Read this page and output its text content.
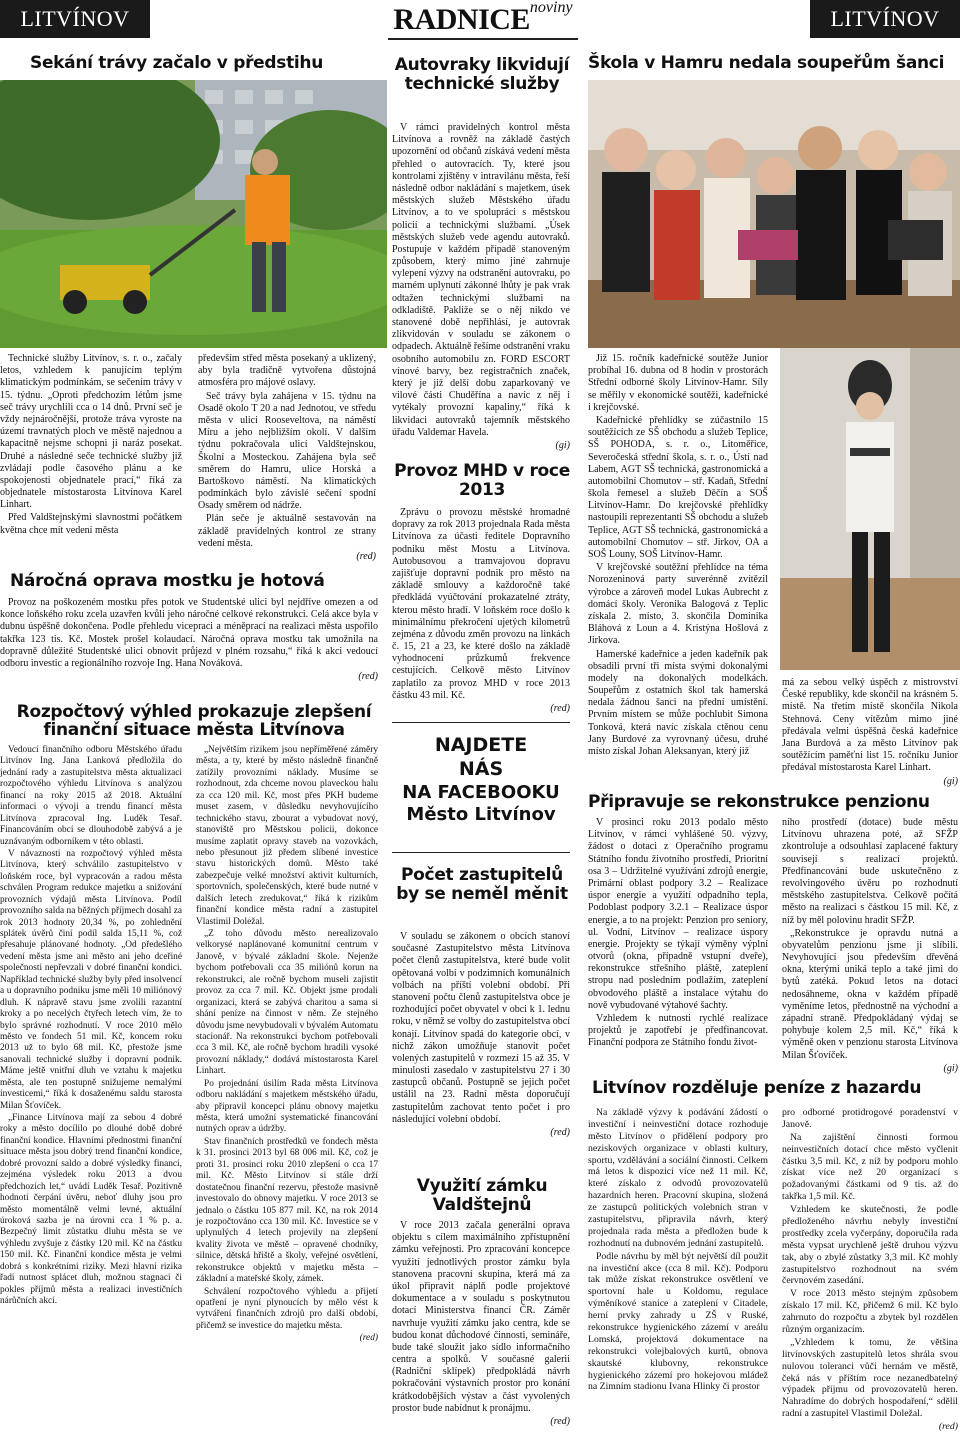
LITVÍNOV	RADNICEnoviny	LITVÍNOV
Sekání trávy začalo v předstihu

Technické služby Litvínov, s. r. o., začaly letos, vzhledem k panujícím teplým klimatickým podmínkám, se sečením trávy v 15. týdnu. „Oproti předchozím létům jsme seč trávy urychlili cca o 14 dnů. První seč je vždy nejnáročnější, protože tráva vyroste na území travnatých ploch ve městě najednou a kapacitně nejsme schopni ji naráz posekat. Druhé a následné seče technické služby již zvládají podle časového plánu a ke spokojenosti objednatele prací,“ říká za objednatele místostarosta Litvínova Karel Linhart.

Před Valdštejnskými slavnostmi počátkem května chce mít vedení města

především střed města posekaný a uklizený, aby byla tradičně vytvořena důstojná atmosféra pro májové oslavy.

Seč trávy byla zahájena v 15. týdnu na Osadě okolo T 20 a nad Jednotou, ve středu města v ulici Rooseveltova, na náměstí Míru a jeho nejbližším okolí. V dalším týdnu pokračovala ulicí Valdštejnskou, Školní a Mosteckou. Zahájena byla seč směrem do Hamru, ulice Horská a Bartoškovo náměstí. Na klimatických podmínkách bylo závislé sečení spodní Osady směrem od nádrže.

Plán seče je aktuálně sestavován na základě pravidelných kontrol ze strany vedení města.

(red)
Náročná oprava mostku je hotová

Provoz na poškozeném mostku přes potok ve Studentské ulici byl nejdříve omezen a od konce loňského roku zcela uzavřen kvůli jeho náročné celkové rekonstrukci. Celá akce byla v dubnu úspěšně dokončena. Podle přehledu vicepraci a méněprací na realizaci města uspořilo takřka 123 tis. Kč. Mostek prošel kolaudací. Náročná oprava mostku tak umožnila na dopravně důležité Studentské ulici obnovit průjezd v plném rozsahu,“ říká k akci vedoucí odboru investic a regionálního rozvoje Ing. Hana Nováková.

(red)
Rozpočtový výhled prokazuje zlepšení finanční situace města Litvínova

Vedoucí finančního odboru Městského úřadu Litvínov Ing. Jana Lanková předložila do jednání rady a zastupitelstva města aktualizaci rozpočtového výhledu Litvínova s analýzou financí na roky 2015 až 2018. Aktuální informaci o vývoji a trendu financí města Litvínova zpracoval Ing. Luděk Tesař. Financováním obcí se dlouhodobě zabývá a je uznávaným odborníkem v této oblasti.

V návaznosti na rozpočtový výhled města Litvínova, který schválilo zastupitelstvo v loňském roce, byl vypracován a radou města schválen Program redukce majetku a snižování provozních výdajů města Litvínova. Podíl provozního salda na běžných příjmech dosahl za rok 2013 hodnoty 20,34 %, po zohlednění splátek úvěrů činí podíl salda 15,11 %, což přesahuje plánované hodnoty. „Od předešlého vedení města jsme ani město ani jeho dceřiné společnosti nepřevzali v dobré finanční kondici. Například technické služby byly před insolvencí a u dopravního podniku jsme měli 10 miliónový dluh. K nápravě stavu jsme zvolili razantní kroky a po necelých čtyřech letech vím, že to bylo správné rozhodnutí. V roce 2010 mělo město ve fondech 51 mil. Kč, koncem roku 2013 už to bylo 68 mil. Kč, přestože jsme sanovali technické služby i dopravní podnik. Máme ještě vnitřní dluh ve vztahu k majetku města, ale ten postupně snižujeme nemalými investicemi,“ říká k dosaženému saldu starosta Milan Šťovíček.

„Finance Litvínova mají za sebou 4 dobré roky a město docílilo po dlouhé době dobré finanční kondice. Hlavními přednostmi finanční situace města jsou dobrý trend finanční kondice, dobré provozní saldo a dobré výsledky financí, zejména výsledek roku 2013 a dvou předchozích let,“ uvádí Luděk Tesař. Pozitivně hodnotí čerpání úvěru, neboť dluhy jsou pro město momentálně velmi levné, aktuální úroková sazba je na úrovni cca 1 % p. a. Bezpečný limit zůstatku dluhu města se ve výhledu zvyšuje z částky 120 mil. Kč na částku 150 mil. Kč. Finanční kondice města je velmi dobrá s konkrétními riziky. Mezi hlavní rizika řadí nutnost splácet dluh, možnou stagnaci či pokles příjmů města a realizaci investičních nárůčních akcí.

„Největším rizikem jsou nepříměřené záměry města, a ty, které by město následně finančně zatížily provozními náklady. Musíme se rozhodnout, zda chceme novou plaveckou halu za cca 120 mil. Kč, most přes PKH budeme muset zasem, v důsledku nevyhovujícího technického stavu, zbourat a vybudovat nový, stanoviště pro Městskou policii, dokonce musíme zaplatit opravy staveb na vozovkách, nebo přesunout již předem slíbené investice stavu historických domů. Město také zabezpečuje velké množství aktivit kulturních, sportovních, společenských, které bude nutné v dalších letech zredukovat,“ říká k rizikům finanční kondice města radní a zastupitel Vlastimil Doležal.

„Z toho důvodu město nerealizovalo velkorysé naplánované komunitní centrum v Janově, v bývalé základní škole. Nejenže bychom potřebovali cca 35 miliónů korun na rekonstrukci, ale ročně bychom museli zajistit provoz za cca 7 mil. Kč. Objekt jsme prodali organizaci, která se zabývá charitou a sama si shání peníze na činnost v něm. Ze stejného důvodu jsme nevybudovali v bývalém Automatu stacionář. Na rekonstrukci bychom potřebovali cca 3 mil. Kč, ale ročně bychom hradili vysoké provozní náklady,“ dodává místostarosta Karel Linhart.

Po projednání úsilím Rada města Litvínova odboru nakládání s majetkem městského úřadu, aby připravil koncepci plánu obnovy majetku města, která umožní systematické financování nutných oprav a údržby.

Stav finančních prostředků ve fondech města k 31. prosinci 2013 byl 68 006 mil. Kč, což je proti 31. prosinci roku 2010 zlepšení o cca 17 mil. Kč. Město Litvínov si stále drží dostatečnou finanční rezervu, přestože masivně investovalo do obnovy majetku. V roce 2013 se jednalo o částku 105 877 mil. Kč, na rok 2014 je rozpočtováno cca 130 mil. Kč. Investice se v uplynulých 4 letech projevily na zlepšení kvality života ve městě – opravené chodníky, silnice, dětská hřiště a školy, veřejné osvětlení, rekonstrukce objektů v majetku města – základní a mateřské školy, zámek.

Schválení rozpočtového výhledu a přijetí opatření je nyní plynoucích by mělo vést k vytváření finančních zdrojů pro další období, přičemž se investice do majetku města.

(red)
Autovraky likvidují technické služby

V rámci pravidelných kontrol města Litvínova a rovněž na základě častých upozornění od občanů získává vedení města přehled o autovracích. Ty, které jsou kontrolami zjištěny v intravilánu města, řeší následně odbor nakládání s majetkem, úsek městských služeb Městského úřadu Litvínov, a to ve spolupráci s městskou policií a technickými službami. „Úsek městských služeb vede agendu autovraků. Postupuje v každém případě stanoveným způsobem, který mimo jiné zahrnuje vylepení výzvy na odstranění autovraku, po marném uplynutí zákonné lhůty je pak vrak odtažen technickými službami na odkladiště. Pakliže se o něj nikdo ve stanovené době nepřihlásí, je autovrak zlikvidován v souladu se zákonem o odpadech. Aktuálně řešíme odstranění vraku osobního automobilu zn. FORD ESCORT vínové barvy, bez registračních značek, který je již delší dobu zaparkovaný ve vilové části Chuděřína a navíc z něj i vytékaly provozní kapaliny,“ říká k likvidaci autovraků tajemník městského úřadu Valdemar Havela.

(gi)
Provoz MHD v roce 2013

Zprávu o provozu městské hromadné dopravy za rok 2013 projednala Rada města Litvínova za účasti ředitele Dopravního podniku měst Mostu a Litvínova. Autobusovou a tramvajovou dopravu zajišťuje dopravní podnik pro město na základě smlouvy a každoročně také předkládá vyúčtování prokazatelné ztráty, kterou město hradí. V loňském roce došlo k minimálnímu překročení ujetých kilometrů zejména z důvodu změn provozu na linkách č. 15, 21 a 23, ke které došlo na základě vyhodnocení průzkumů frekvence cestujících. Celkově město Litvínov zaplatilo za provoz MHD v roce 2013 částku 43 mil. Kč.

(red)
NAJDETE
NÁS
NA FACEBOOKU
Město Litvínov
Počet zastupitelů by se neměl měnit

V souladu se zákonem o obcích stanoví současné Zastupitelstvo města Litvínova počet členů zastupitelstva, které bude volit opětovaná volbí v podzimních komunálních volbách na příští volební období. Při stanovení počtu členů zastupitelstva obce je rozhodující počet obyvatel v obci k 1. lednu roku, v němž se volby do zastupitelstva obcí konají. Litvínov spadá do kategorie obcí, v nichž zákon umožňuje stanovit počet volených zastupitelů v rozmezí 15 až 35. V minulosti zasedalo v zastupitelstvu 27 i 30 zastupců občanů. Postupně se jejich počet ustálil na 23. Radní města doporučují zastupitelům zachovat tento počet i pro následující volební období.

(red)
Využití zámku Valdštejnů

V roce 2013 začala generální oprava objektu s cílem maximálního zpřístupnění zámku veřejnosti. Pro zpracování koncepce využití jednotlivých prostor zámku byla stanovena pracovní skupina, která má za úkol připravit náplň podle projektové dokumentace a v souladu s poskytnutou dotací Ministerstva financí ČR. Záměr navrhuje využití zámku jako centra, kde se budou konat důchodové činnosti, semináře, bude také sloužit jako sídlo informačního centra a spolků. V současné galerii (Radniční sklípek) předpokládá návrh pokračování výstavních prostor pro konání krátkodobějších výstav a část vyvolených prostor bude nabídnut k pronájmu.

(red)
Škola v Hamru nedala soupeřům šanci

Již 15. ročník kadeřnické soutěže Junior probíhal 16. dubna od 8 hodin v prostorách Střední odborné školy Litvínov-Hamr. Síly se měřily v ekonomické soutěži, kadeřnické i krejčovské.

Kadeřnické přehlídky se zúčastnilo 15 soutěžících ze SŠ obchodu a služeb Teplice, SŠ POHODA, s. r. o., Litoměřice, Severočeská střední škola, s. r. o., Ústí nad Labem, AGT SŠ technická, gastronomická a automobilní Chomutov – stř. Kadaň, Střední škola řemesel a služeb Děčín a SOŠ Litvínov-Hamr. Do krejčovské přehlídky nastoupili reprezentanti SŠ obchodu a služeb Teplice, AGT SŠ technická, gastronomická a automobilní Chomutov – stř. Jirkov, OA a SOŠ Louny, SOŠ Litvínov-Hamr.

V krejčovské soutěžní přehlídce na téma Norozeninová party suverénně zvítězil výrobce a zároveň model Lukas Aubrecht z domácí školy. Veronika Balogová z Teplic získala 2. místo, 3. skončila Dominika Bláhová z Loun a 4. Kristýna Hošlová z Jirkova.

Hamerské kadeřnice a jeden kadeřník pak obsadili první tři místa svými dokonalými modely na dokonalých modelkách. Soupeřům z ostatních škol tak hamerská nedala žádnou šanci na přední umístění. Prvním místem se může pochlubit Simona Tonková, která navíc získala ctěnou cenu Jany Burdové za vyrovnaný účesu, druhé místo získal Johan Aleksanyan, který již

má za sebou velký úspěch z mistrovství České republiky, kde skončil na krásném 5. místě. Na třetím místě skončila Nikola Stehnová. Ceny vítězům mimo jiné předávala velmi úspěšná česká kadeřnice Jana Burdová a za město Litvínov pak soutěžícím paměťní list 15. ročníku Junior předával místostarosta Karel Linhart.

(gi)
Připravuje se rekonstrukce penzionu

V prosinci roku 2013 podalo město Litvínov, v rámci vyhlášené 50. výzvy, žádost o dotaci z Operačního programu Státního fondu životního prostředí, Prioritní osa 3 – Udržitelné využívání zdrojů energie, Primární oblast podpory 3.2 – Realizace úspor energie a využití odpadního tepla, Podoblast podpory 3.2.1 – Realizace úspor energie, a to na projekt: Penzion pro seniory, ul. Vodní, Litvínov – realizace úspory energie. Projekty se týkají výměny výplní otvorů (okna, případně vstupní dveře), rekonstrukce střešního pláště, zateplení stropu nad posledním podlažím, zateplení obvodového pláště a instalace výtahu do nově vybudované výtahové šachty.

Vzhledem k nutnosti rychlé realizace projektů je zapotřebí je předfinancovat. Finanční podpora ze Státního fondu život-

ního prostředí (dotace) bude městu Litvínovu uhrazena poté, až SFŽP zkontroluje a odsouhlasí zaplacené faktury souvisejí s realizací projektů. Předfinancování bude uskutečněno z revolvingového úvěru po rozhodnutí městského zastupitelstva. Celkově počítá město na realizaci s částkou 15 mil. Kč, z níž by měl polovinu hradit SFŽP.

„Rekonstrukce je opravdu nutná a obyvatelům penzionu jsme ji slíbili. Nevyhovující jsou především dřevěná okna, kterými uniká teplo a také jimi do bytů zatéká. Pokud letos na dotaci nedosáhneme, okna v každém případě vyměníme letos, přednostně na východní a západní straně. Předpokládaný výdaj se pohybuje kolem 2,5 mil. Kč,“ říká k výměně oken v penzionu starosta Litvínova Milan Šťovíček.

(gi)
Litvínov rozděluje peníze z hazardu

Na základě výzvy k podávání žádostí o investiční i neinvestiční dotace rozhoduje město Litvínov o přidělení podpory pro neziskových organizace v oblasti kultury, sportu, vzdělávání a sociální činnosti. Celkem má letos k dispozici více než 11 mil. Kč, které získalo z odvodů provozovatelů hazardních heren. Pracovní skupina, složená ze zastupců politických volebních stran v zastupitelstvu, připravila návrh, který projednala rada města a předložen bude k rozhodnutí na dubnovém jednání zastupitelů.

Podle návrhu by měl být největší díl použit na investiční akce (cca 8 mil. Kč). Podporu tak může získat rekonstrukce osvětlení ve sportovní hale u Koldomu, regulace výměníkové stanice a zateplení v Citadele, herní prvky zahrady u ZŠ v Ruské, rekonstrukce hygienického zázemí v areálu Lomská, projektová dokumentace na rekonstrukci volejbalových kurtů, obnova skautské klubovny, rekonstrukce hygienického zázemí pro hokejovou mládež na Zimním stadionu Ivana Hlinky či prostor

pro odborné protidrogové poradenství v Janově.

Na zajištění činnosti formou neinvestičních dotací chce město vyčlenit částku 3,5 mil. Kč, z níž by podporu mohlo získat více než 20 organizací s požadovanými částkami od 9 tis. až do takřka 1,5 mil. Kč.

Vzhledem ke skutečnosti, že podle předloženého návrhu nebyly investiční prostředky zcela vyčerpány, doporučila rada města vypsat urychleně ještě druhou výzvu tak, aby o zbylé zůstatky 3,3 mil. Kč mohly zastupitelstvo rozhodnout na svém červnovém zasedání.

V roce 2013 město stejným způsobem získalo 17 mil. Kč, přičemž 6 mil. Kč bylo zahrnuto do rozpočtu a zbytek byl rozdělen různým organizacím.

„Vzhledem k tomu, že většina litvínovských zastupitelů letos shrála svou nulovou toleranci vůči hernám ve městě, čeká nás v příštím roce nezanedbatelný výpadek příjmu od provozovatelů heren. Nahradíme do dobrých hospodaření,“ sdělil radní a zastupitel Vlastimil Doležal.

(red)
